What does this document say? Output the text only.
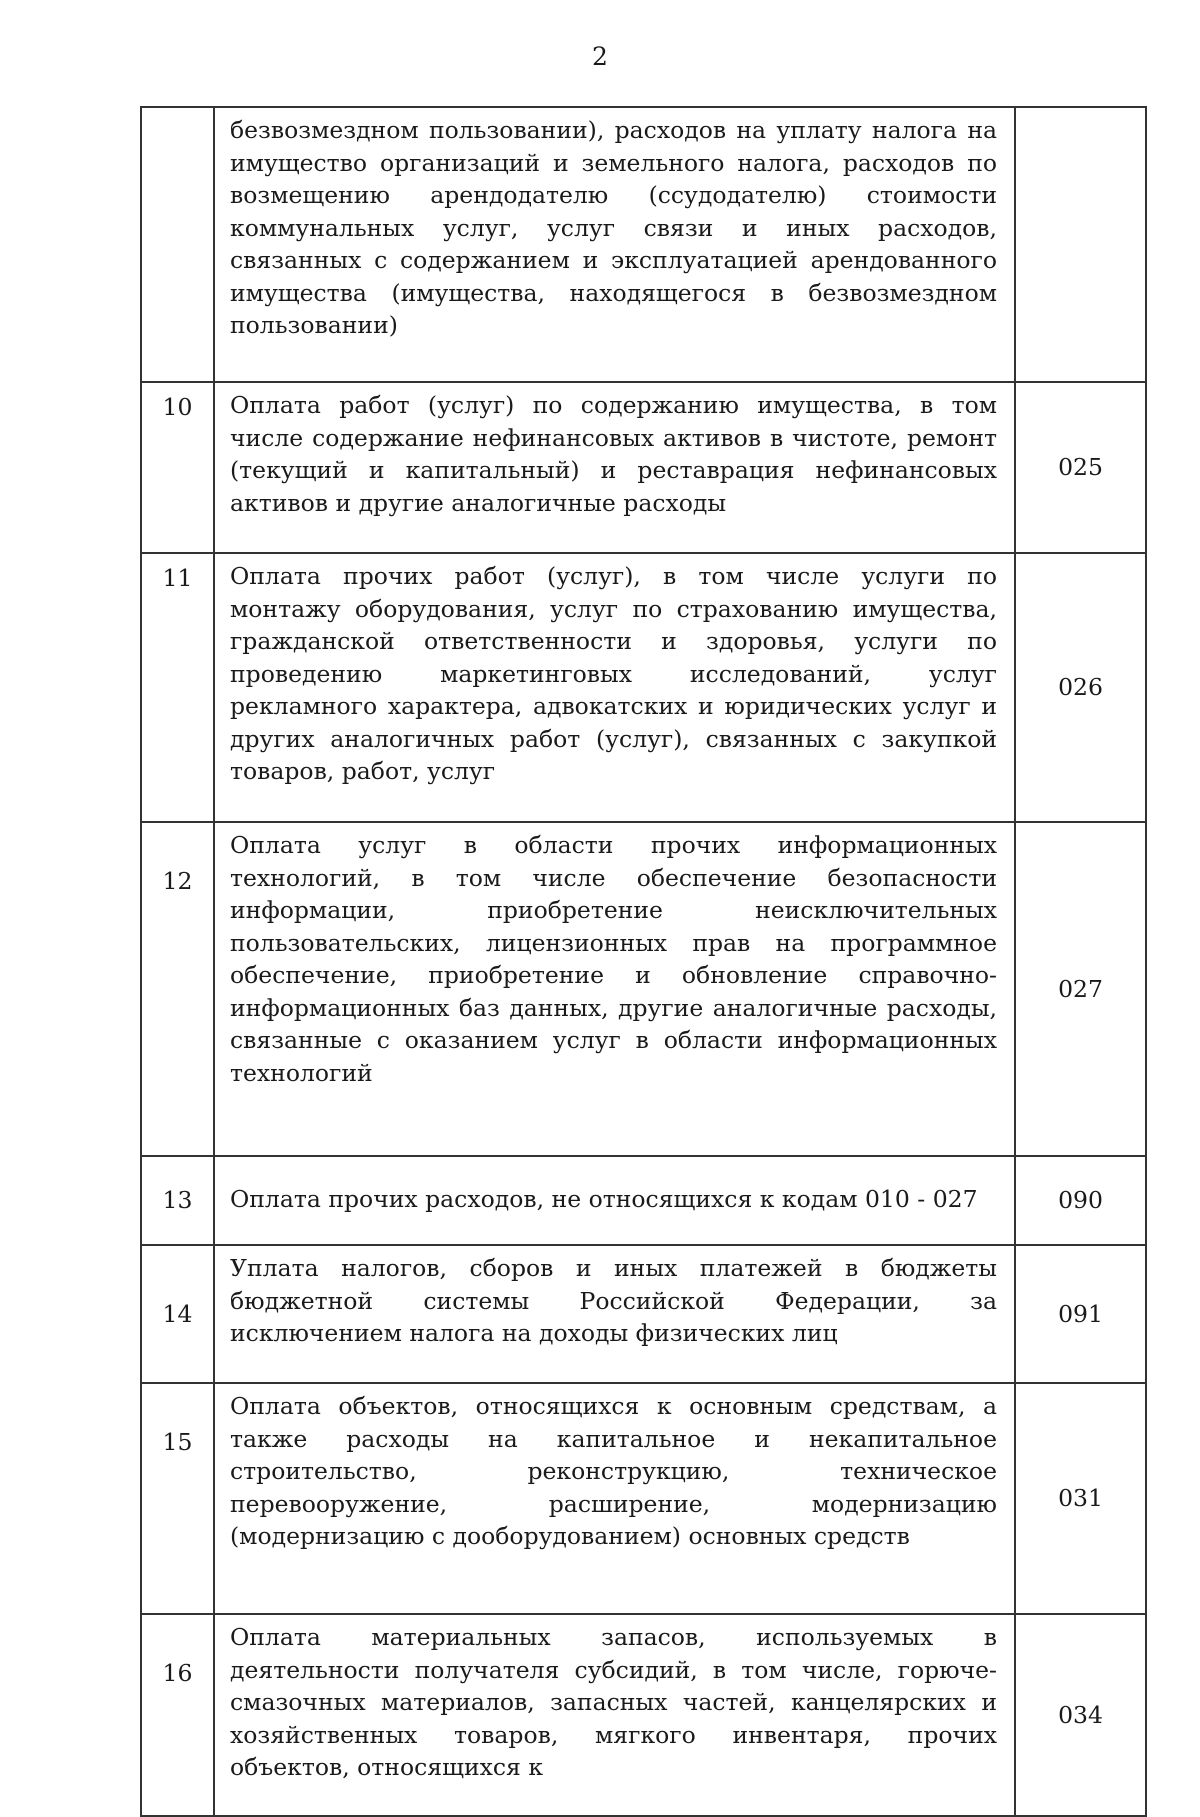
2
	безвозмездном пользовании), расходов на уплату налога на имущество организаций и земельного налога, расходов по возмещению арендодателю (ссудодателю) стоимости коммунальных услуг, услуг связи и иных расходов, связанных с содержанием и эксплуатацией арендованного имущества (имущества, находящегося в безвозмездном пользовании)	
10	Оплата работ (услуг) по содержанию имущества, в том числе содержание нефинансовых активов в чистоте, ремонт (текущий и капитальный) и реставрация нефинансовых активов и другие аналогичные расходы	025
11	Оплата прочих работ (услуг), в том числе услуги по монтажу оборудования, услуг по страхованию имущества, гражданской ответственности и здоровья, услуги по проведению маркетинговых исследований, услуг рекламного характера, адвокатских и юридических услуг и других аналогичных работ (услуг), связанных с закупкой товаров, работ, услуг	026
12	Оплата услуг в области прочих информационных технологий, в том числе обеспечение безопасности информации, приобретение неисключительных пользовательских, лицензионных прав на программное обеспечение, приобретение и обновление справочно-информационных баз данных, другие аналогичные расходы, связанные с оказанием услуг в области информационных технологий	027
13	Оплата прочих расходов, не относящихся к кодам 010 - 027	090
14	Уплата налогов, сборов и иных платежей в бюджеты бюджетной системы Российской Федерации, за исключением налога на доходы физических лиц	091
15	Оплата объектов, относящихся к основным средствам, а также расходы на капитальное и некапитальное строительство, реконструкцию, техническое перевооружение, расширение, модернизацию (модернизацию с дооборудованием) основных средств	031
16	Оплата материальных запасов, используемых в деятельности получателя субсидий, в том числе, горюче-смазочных материалов, запасных частей, канцелярских и хозяйственных товаров, мягкого инвентаря, прочих объектов, относящихся к	034
